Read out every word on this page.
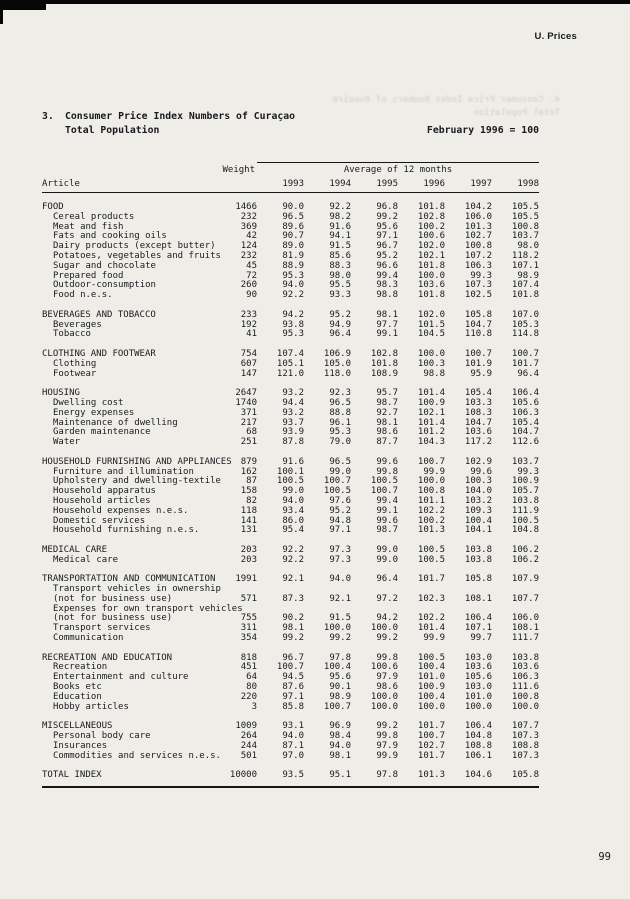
U. Prices
4. Consumer Price Index Numbers of Bonaire
Total Population
3. Consumer Price Index Numbers of Curaçao
Total Population	February 1996 = 100
Weight	Average of 12 months
Article	1993	1994	1995	1996	1997	1998
FOOD	1466	90.0	92.2	96.8	101.8	104.2	105.5
Cereal products	232	96.5	98.2	99.2	102.8	106.0	105.5
Meat and fish	369	89.6	91.6	95.6	100.2	101.3	100.8
Fats and cooking oils	42	90.7	94.1	97.1	100.6	102.7	103.7
Dairy products (except butter)	124	89.0	91.5	96.7	102.0	100.8	98.0
Potatoes, vegetables and fruits	232	81.9	85.6	95.2	102.1	107.2	118.2
Sugar and chocolate	45	88.9	88.3	96.6	101.8	106.3	107.1
Prepared food	72	95.3	98.0	99.4	100.0	99.3	98.9
Outdoor-consumption	260	94.0	95.5	98.3	103.6	107.3	107.4
Food n.e.s.	90	92.2	93.3	98.8	101.8	102.5	101.8
BEVERAGES AND TOBACCO	233	94.2	95.2	98.1	102.0	105.8	107.0
Beverages	192	93.8	94.9	97.7	101.5	104.7	105.3
Tobacco	41	95.3	96.4	99.1	104.5	110.8	114.8
CLOTHING AND FOOTWEAR	754	107.4	106.9	102.8	100.0	100.7	100.7
Clothing	607	105.1	105.0	101.8	100.3	101.9	101.7
Footwear	147	121.0	118.0	108.9	98.8	95.9	96.4
HOUSING	2647	93.2	92.3	95.7	101.4	105.4	106.4
Dwelling cost	1740	94.4	96.5	98.7	100.9	103.3	105.6
Energy expenses	371	93.2	88.8	92.7	102.1	108.3	106.3
Maintenance of dwelling	217	93.7	96.1	98.1	101.4	104.7	105.4
Garden maintenance	68	93.9	95.3	98.6	101.2	103.6	104.7
Water	251	87.8	79.0	87.7	104.3	117.2	112.6
HOUSEHOLD FURNISHING AND APPLIANCES	879	91.6	96.5	99.6	100.7	102.9	103.7
Furniture and illumination	162	100.1	99.0	99.8	99.9	99.6	99.3
Upholstery and dwelling-textile	87	100.5	100.7	100.5	100.0	100.3	100.9
Household apparatus	158	99.0	100.5	100.7	100.8	104.0	105.7
Household articles	82	94.0	97.6	99.4	101.1	103.2	103.8
Household expenses n.e.s.	118	93.4	95.2	99.1	102.2	109.3	111.9
Domestic services	141	86.0	94.8	99.6	100.2	100.4	100.5
Household furnishing n.e.s.	131	95.4	97.1	98.7	101.3	104.1	104.8
MEDICAL CARE	203	92.2	97.3	99.0	100.5	103.8	106.2
Medical care	203	92.2	97.3	99.0	100.5	103.8	106.2
TRANSPORTATION AND COMMUNICATION	1991	92.1	94.0	96.4	101.7	105.8	107.9
Transport vehicles in ownership
(not for business use)	571	87.3	92.1	97.2	102.3	108.1	107.7
Expenses for own transport vehicles
(not for business use)	755	90.2	91.5	94.2	102.2	106.4	106.0
Transport services	311	98.1	100.0	100.0	101.4	107.1	108.1
Communication	354	99.2	99.2	99.2	99.9	99.7	111.7
RECREATION AND EDUCATION	818	96.7	97.8	99.8	100.5	103.0	103.8
Recreation	451	100.7	100.4	100.6	100.4	103.6	103.6
Entertainment and culture	64	94.5	95.6	97.9	101.0	105.6	106.3
Books etc	80	87.6	90.1	98.6	100.9	103.0	111.6
Education	220	97.1	98.9	100.0	100.4	101.0	100.8
Hobby articles	3	85.8	100.7	100.0	100.0	100.0	100.0
MISCELLANEOUS	1009	93.1	96.9	99.2	101.7	106.4	107.7
Personal body care	264	94.0	98.4	99.8	100.7	104.8	107.3
Insurances	244	87.1	94.0	97.9	102.7	108.8	108.8
Commodities and services n.e.s.	501	97.0	98.1	99.9	101.7	106.1	107.3
TOTAL INDEX	10000	93.5	95.1	97.8	101.3	104.6	105.8
99
